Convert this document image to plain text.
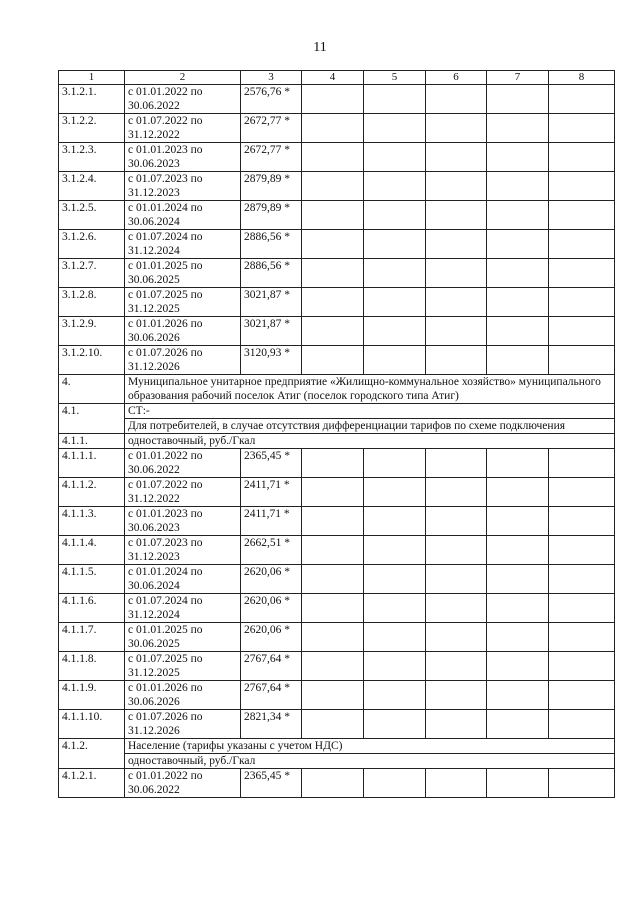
11
1	2	3	4	5	6	7	8
3.1.2.1.	с 01.01.2022 по 30.06.2022	2576,76 *					
3.1.2.2.	с 01.07.2022 по 31.12.2022	2672,77 *					
3.1.2.3.	с 01.01.2023 по 30.06.2023	2672,77 *					
3.1.2.4.	с 01.07.2023 по 31.12.2023	2879,89 *					
3.1.2.5.	с 01.01.2024 по 30.06.2024	2879,89 *					
3.1.2.6.	с 01.07.2024 по 31.12.2024	2886,56 *					
3.1.2.7.	с 01.01.2025 по 30.06.2025	2886,56 *					
3.1.2.8.	с 01.07.2025 по 31.12.2025	3021,87 *					
3.1.2.9.	с 01.01.2026 по 30.06.2026	3021,87 *					
3.1.2.10.	с 01.07.2026 по 31.12.2026	3120,93 *					
4.	Муниципальное унитарное предприятие «Жилищно-коммунальное хозяйство» муниципального образования рабочий поселок Атиг (поселок городского типа Атиг)						
4.1.	СТ:-
Для потребителей, в случае отсутствия дифференциации тарифов по схеме подключения						

4.1.1.	одноставочный, руб./Гкал						
4.1.1.1.	с 01.01.2022 по 30.06.2022	2365,45 *					
4.1.1.2.	с 01.07.2022 по 31.12.2022	2411,71 *					
4.1.1.3.	с 01.01.2023 по 30.06.2023	2411,71 *					
4.1.1.4.	с 01.07.2023 по 31.12.2023	2662,51 *					
4.1.1.5.	с 01.01.2024 по 30.06.2024	2620,06 *					
4.1.1.6.	с 01.07.2024 по 31.12.2024	2620,06 *					
4.1.1.7.	с 01.01.2025 по 30.06.2025	2620,06 *					
4.1.1.8.	с 01.07.2025 по 31.12.2025	2767,64 *					
4.1.1.9.	с 01.01.2026 по 30.06.2026	2767,64 *					
4.1.1.10.	с 01.07.2026 по 31.12.2026	2821,34 *					
4.1.2.	Население (тарифы указаны с учетом НДС)
одноставочный, руб./Гкал						

4.1.2.1.	с 01.01.2022 по 30.06.2022	2365,45 *					
